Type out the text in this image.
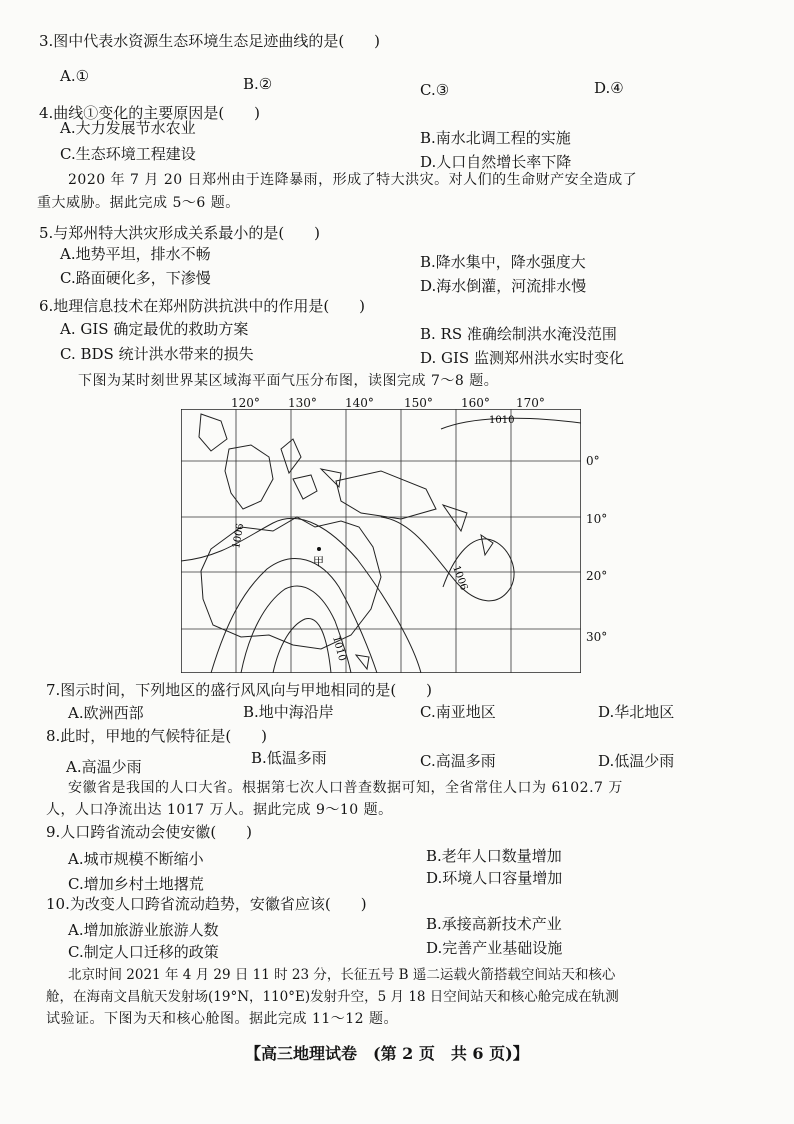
3.图中代表水资源生态环境生态足迹曲线的是(　　)
A.①	B.②	C.③	D.④
4.曲线①变化的主要原因是(　　)
A.大力发展节水农业
B.南水北调工程的实施
C.生态环境工程建设	D.人口自然增长率下降
2020 年 7 月 20 日郑州由于连降暴雨，形成了特大洪灾。对人们的生命财产安全造成了
重大威胁。据此完成 5～6 题。
5.与郑州特大洪灾形成关系最小的是(　　)
A.地势平坦，排水不畅	B.降水集中，降水强度大
C.路面硬化多，下渗慢	D.海水倒灌，河流排水慢
6.地理信息技术在郑州防洪抗洪中的作用是(　　)
A. GIS 确定最优的救助方案	B. RS 准确绘制洪水淹没范围
C. BDS 统计洪水带来的损失	D. GIS 监测郑州洪水实时变化
下图为某时刻世界某区域海平面气压分布图，读图完成 7～8 题。
甲
1006
1006
1010
1010
120° 130° 140°	150° 160° 170°
0°
10°
20°
30°
7.图示时间，下列地区的盛行风风向与甲地相同的是(　　)
A.欧洲西部	B.地中海沿岸	C.南亚地区	D.华北地区
8.此时，甲地的气候特征是(　　)
A.高温少雨	B.低温多雨	C.高温多雨	D.低温少雨
安徽省是我国的人口大省。根据第七次人口普查数据可知，全省常住人口为 6102.7 万
人，人口净流出达 1017 万人。据此完成 9～10 题。
9.人口跨省流动会使安徽(　　)
A.城市规模不断缩小	B.老年人口数量增加
C.增加乡村土地撂荒	D.环境人口容量增加
10.为改变人口跨省流动趋势，安徽省应该(　　)
A.增加旅游业旅游人数	B.承接高新技术产业
C.制定人口迁移的政策	D.完善产业基础设施
北京时间 2021 年 4 月 29 日 11 时 23 分，长征五号 B 遥二运载火箭搭载空间站天和核心
舱，在海南文昌航天发射场(19°N，110°E)发射升空，5 月 18 日空间站天和核心舱完成在轨测
试验证。下图为天和核心舱图。据此完成 11～12 题。
【高三地理试卷　(第 2 页　共 6 页)】
